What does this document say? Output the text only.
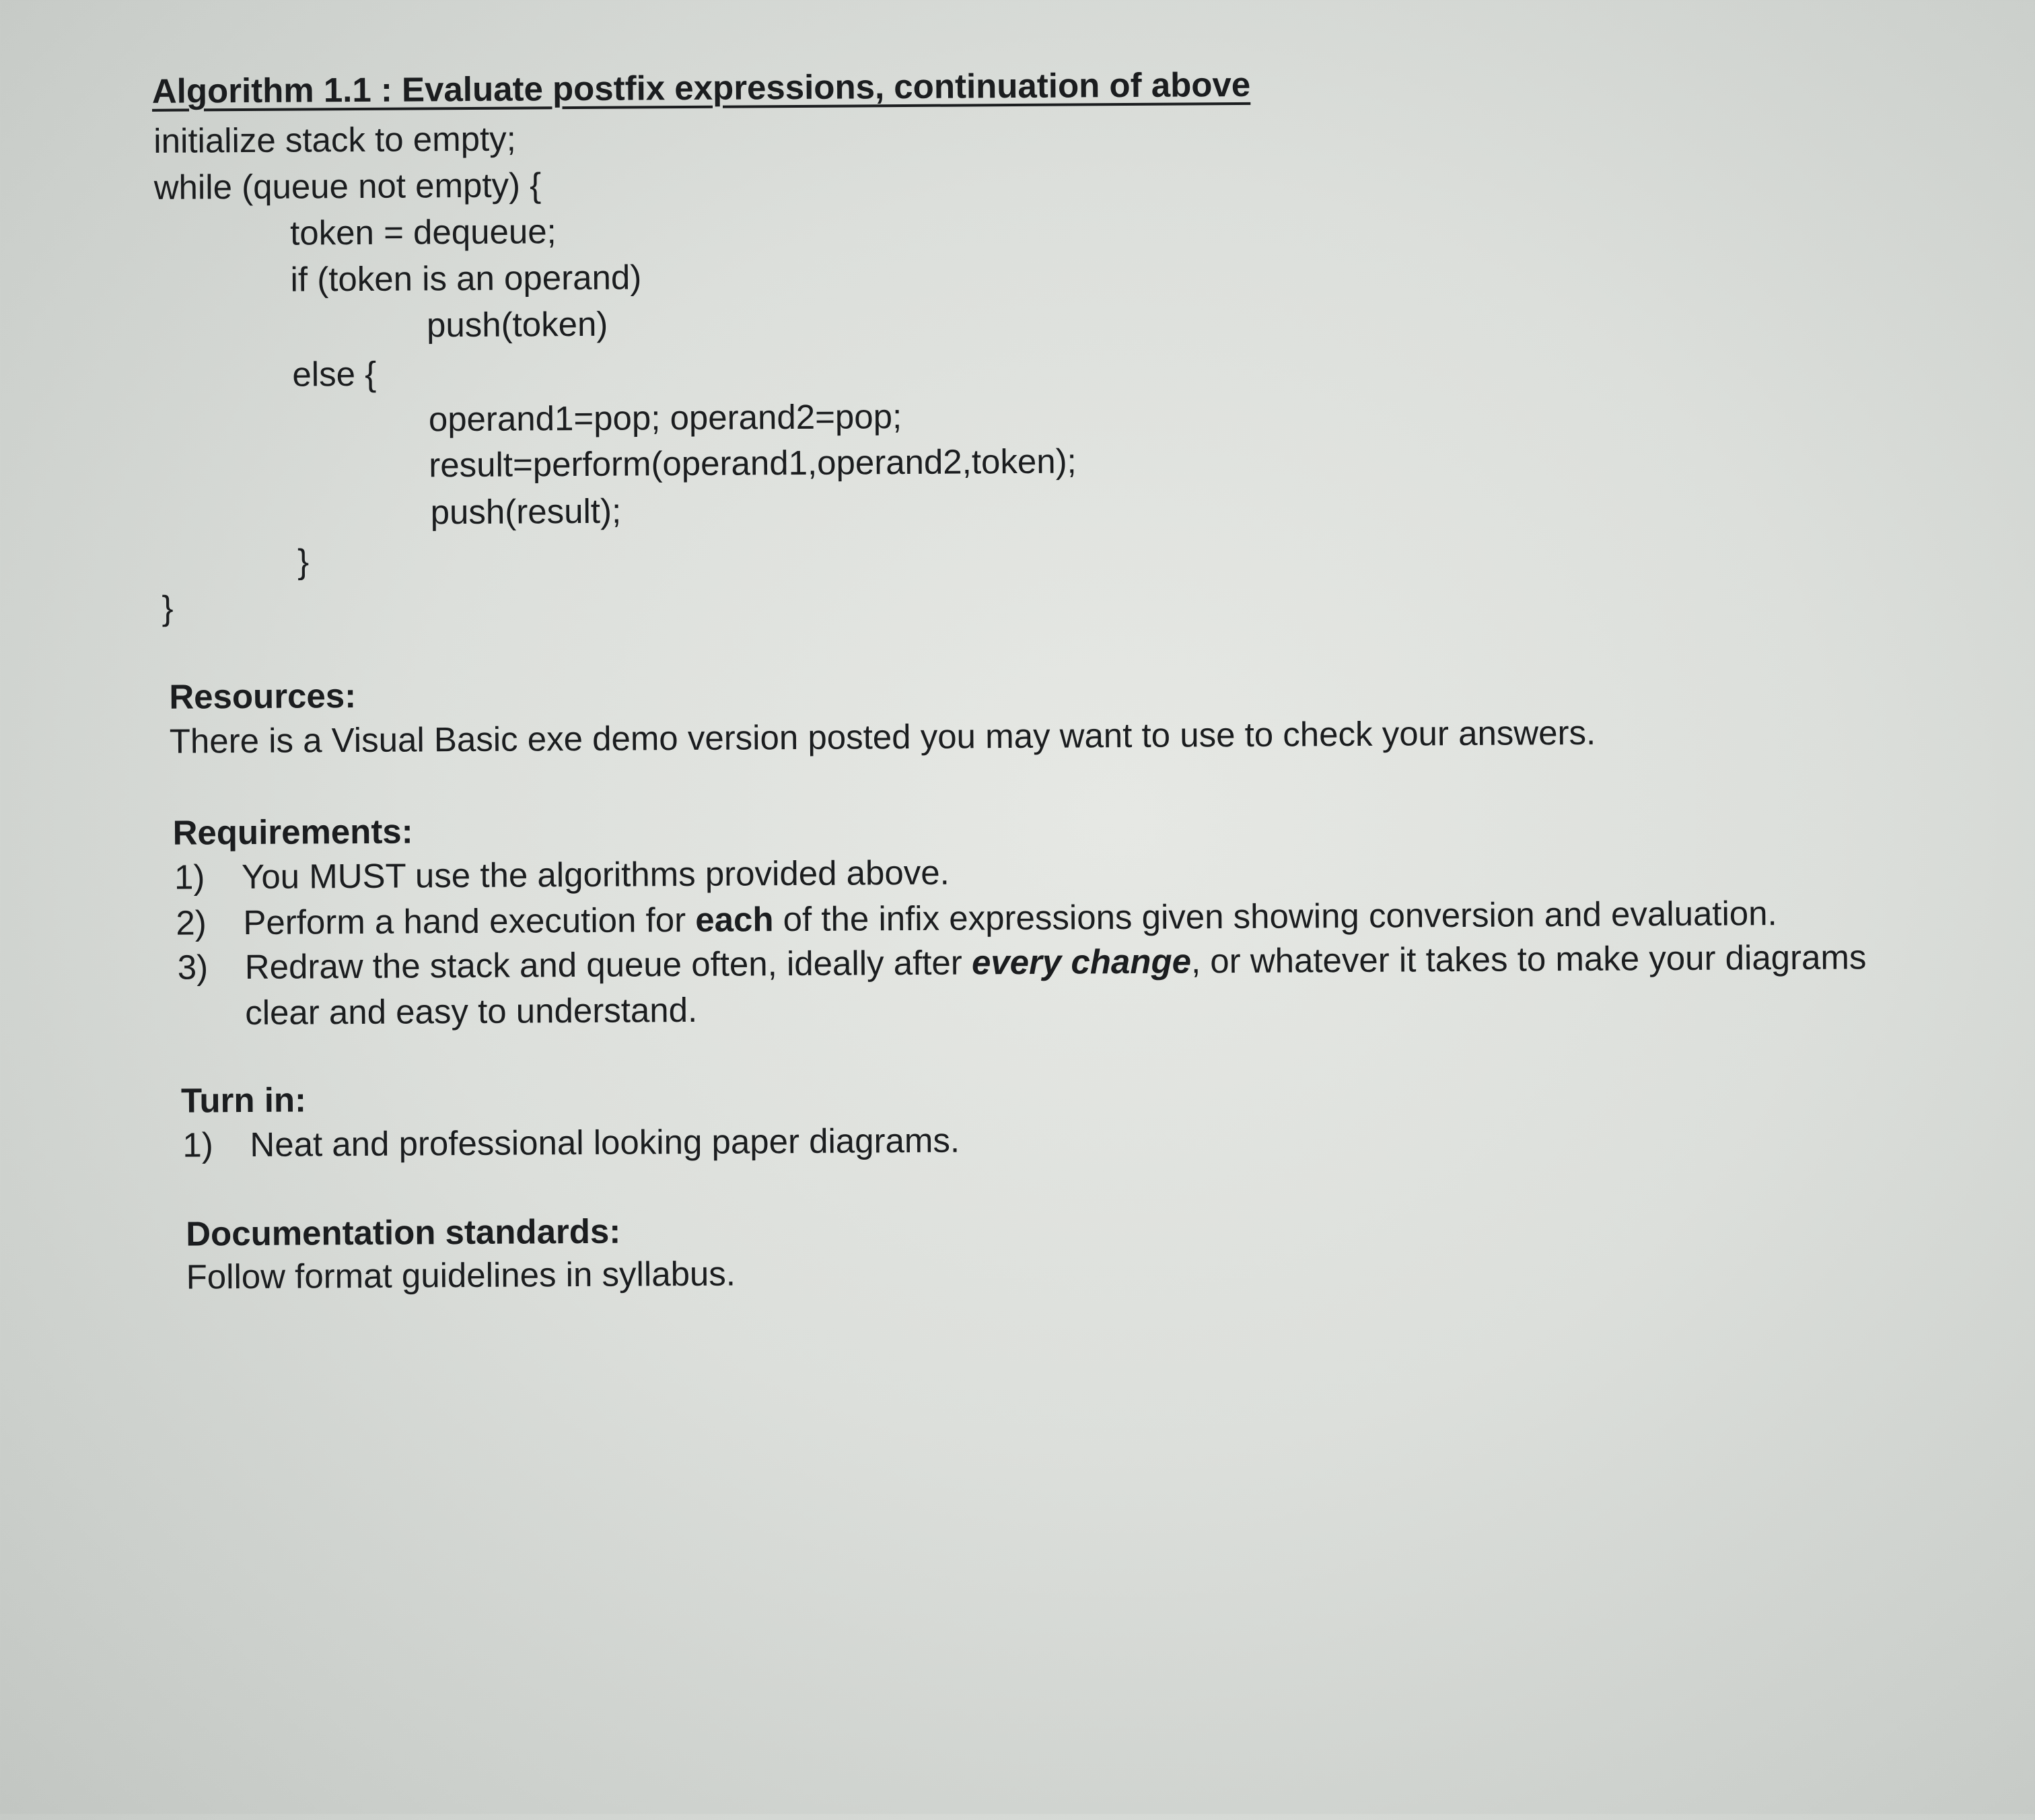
Algorithm 1.1 : Evaluate postfix expressions, continuation of above
initialize stack to empty;
while (queue not empty) {
token = dequeue;
if (token is an operand)
push(token)
else {
operand1=pop; operand2=pop;
result=perform(operand1,operand2,token);
push(result);
}
}
Resources:
There is a Visual Basic exe demo version posted you may want to use to check your answers.
Requirements:
1) You MUST use the algorithms provided above.
2) Perform a hand execution for each of the infix expressions given showing conversion and evaluation.
3) Redraw the stack and queue often, ideally after every change, or whatever it takes to make your diagrams
clear and easy to understand.
Turn in:
1) Neat and professional looking paper diagrams.
Documentation standards:
Follow format guidelines in syllabus.
